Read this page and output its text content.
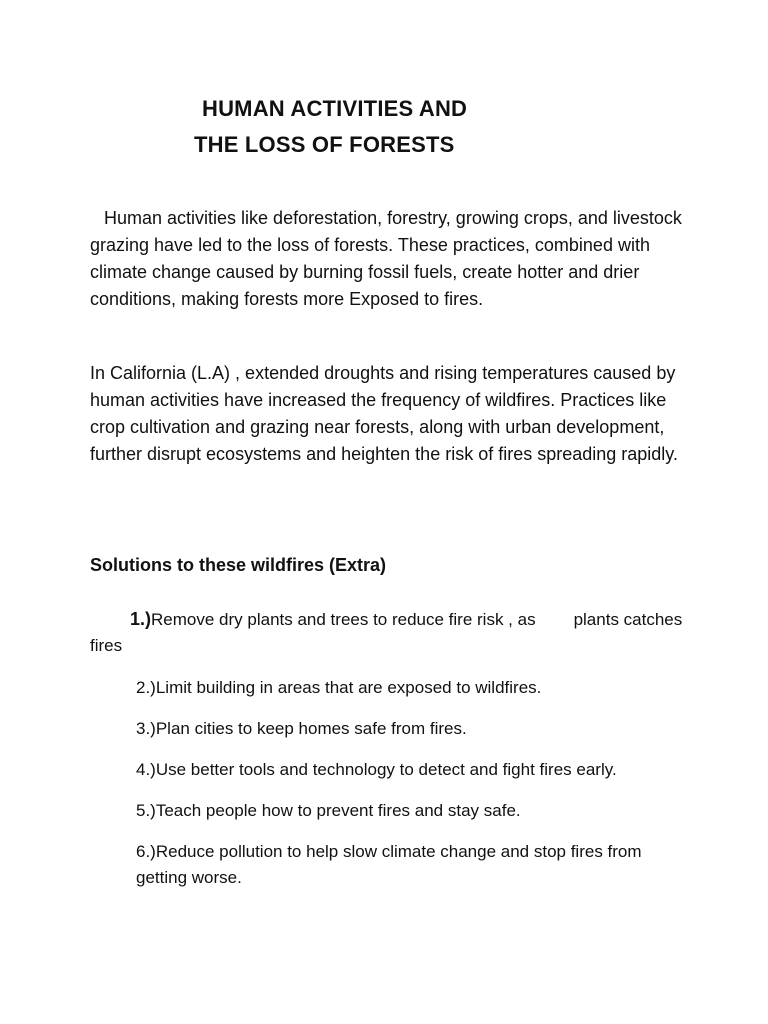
HUMAN ACTIVITIES AND
THE LOSS OF FORESTS

Human activities like deforestation, forestry, growing crops, and livestock grazing have led to the loss of forests. These practices, combined with climate change caused by burning fossil fuels, create hotter and drier conditions, making forests more Exposed to fires.

In California (L.A) , extended droughts and rising temperatures caused by human activities have increased the frequency of wildfires. Practices like crop cultivation and grazing near forests, along with urban development, further disrupt ecosystems and heighten the risk of fires spreading rapidly.

Solutions to these wildfires (Extra)
1.)Remove dry plants and trees to reduce fire risk , as plants catches fires

2.)Limit building in areas that are exposed to wildfires.

3.)Plan cities to keep homes safe from fires.

4.)Use better tools and technology to detect and fight fires early.

5.)Teach people how to prevent fires and stay safe.

6.)Reduce pollution to help slow climate change and stop fires from getting worse.
